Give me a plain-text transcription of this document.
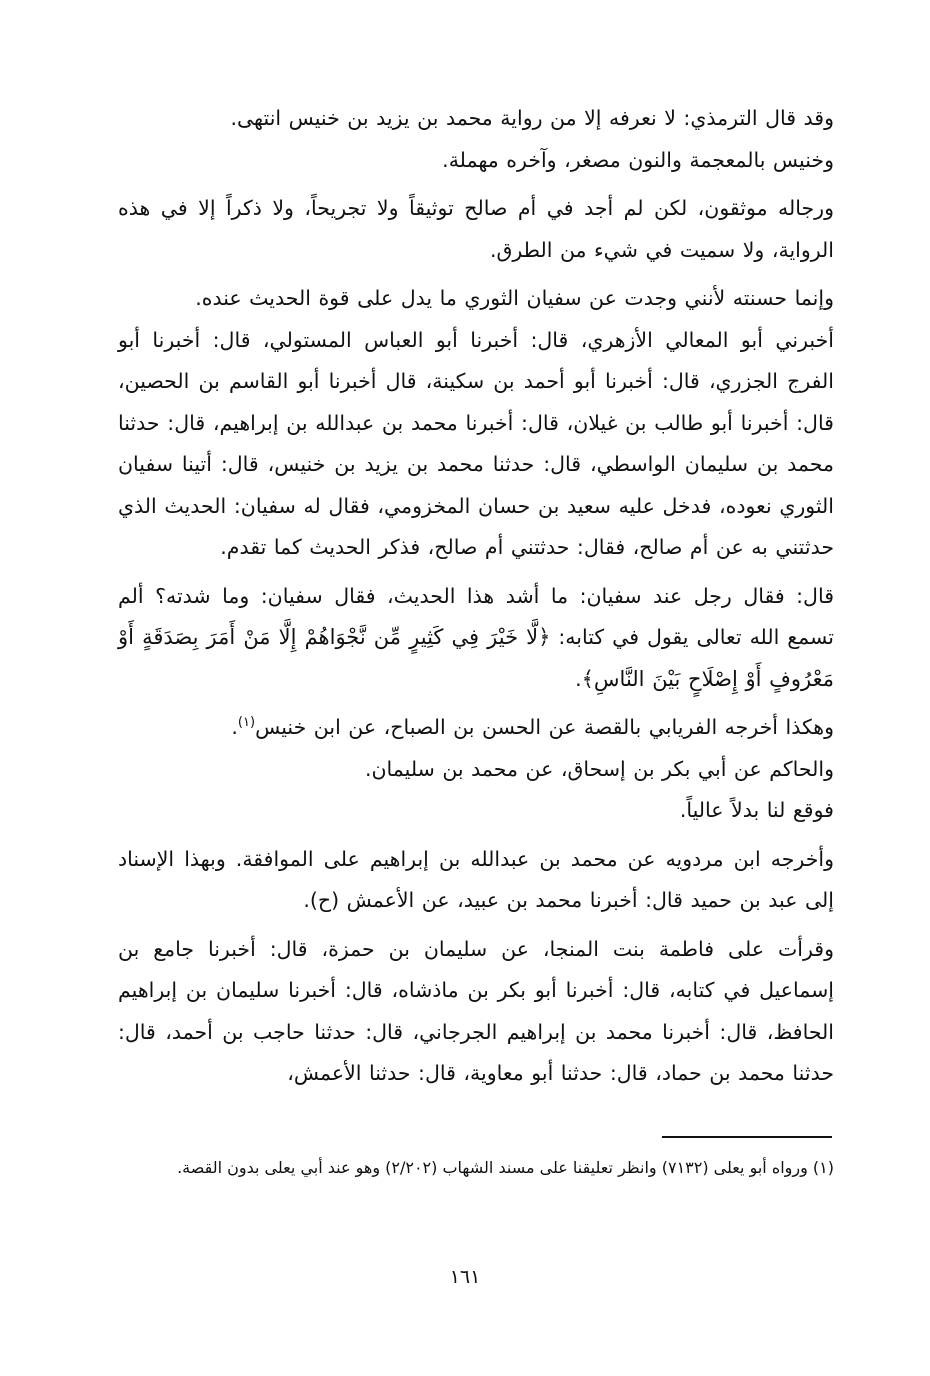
وقد قال الترمذي: لا نعرفه إلا من رواية محمد بن يزيد بن خنيس انتهى.

وخنيس بالمعجمة والنون مصغر، وآخره مهملة.

ورجاله موثقون، لكن لم أجد في أم صالح توثيقاً ولا تجريحاً، ولا ذكراً إلا في هذه الرواية، ولا سميت في شيء من الطرق.

وإنما حسنته لأنني وجدت عن سفيان الثوري ما يدل على قوة الحديث عنده.

أخبرني أبو المعالي الأزهري، قال: أخبرنا أبو العباس المستولي، قال: أخبرنا أبو الفرج الجزري، قال: أخبرنا أبو أحمد بن سكينة، قال أخبرنا أبو القاسم بن الحصين، قال: أخبرنا أبو طالب بن غيلان، قال: أخبرنا محمد بن عبدالله بن إبراهيم، قال: حدثنا محمد بن سليمان الواسطي، قال: حدثنا محمد بن يزيد بن خنيس، قال: أتينا سفيان الثوري نعوده، فدخل عليه سعيد بن حسان المخزومي، فقال له سفيان: الحديث الذي حدثتني به عن أم صالح، فقال: حدثتني أم صالح، فذكر الحديث كما تقدم.

قال: فقال رجل عند سفيان: ما أشد هذا الحديث، فقال سفيان: وما شدته؟ ألم تسمع الله تعالى يقول في كتابه: ﴿لَّا خَيْرَ فِي كَثِيرٍ مِّن نَّجْوَاهُمْ إِلَّا مَنْ أَمَرَ بِصَدَقَةٍ أَوْ مَعْرُوفٍ أَوْ إِصْلَاحٍ بَيْنَ النَّاسِ﴾.

وهكذا أخرجه الفريابي بالقصة عن الحسن بن الصباح، عن ابن خنيس$^{(١)}$.

والحاكم عن أبي بكر بن إسحاق، عن محمد بن سليمان.

فوقع لنا بدلاً عالياً.

وأخرجه ابن مردويه عن محمد بن عبدالله بن إبراهيم على الموافقة. وبهذا الإسناد إلى عبد بن حميد قال: أخبرنا محمد بن عبيد، عن الأعمش (ح).

وقرأت على فاطمة بنت المنجا، عن سليمان بن حمزة، قال: أخبرنا جامع بن إسماعيل في كتابه، قال: أخبرنا أبو بكر بن ماذشاه، قال: أخبرنا سليمان بن إبراهيم الحافظ، قال: أخبرنا محمد بن إبراهيم الجرجاني، قال: حدثنا حاجب بن أحمد، قال: حدثنا محمد بن حماد، قال: حدثنا أبو معاوية، قال: حدثنا الأعمش،

(١) ورواه أبو يعلى (٧١٣٢) وانظر تعليقنا على مسند الشهاب (٢/٢٠٢) وهو عند أبي يعلى بدون القصة.

١٦١
